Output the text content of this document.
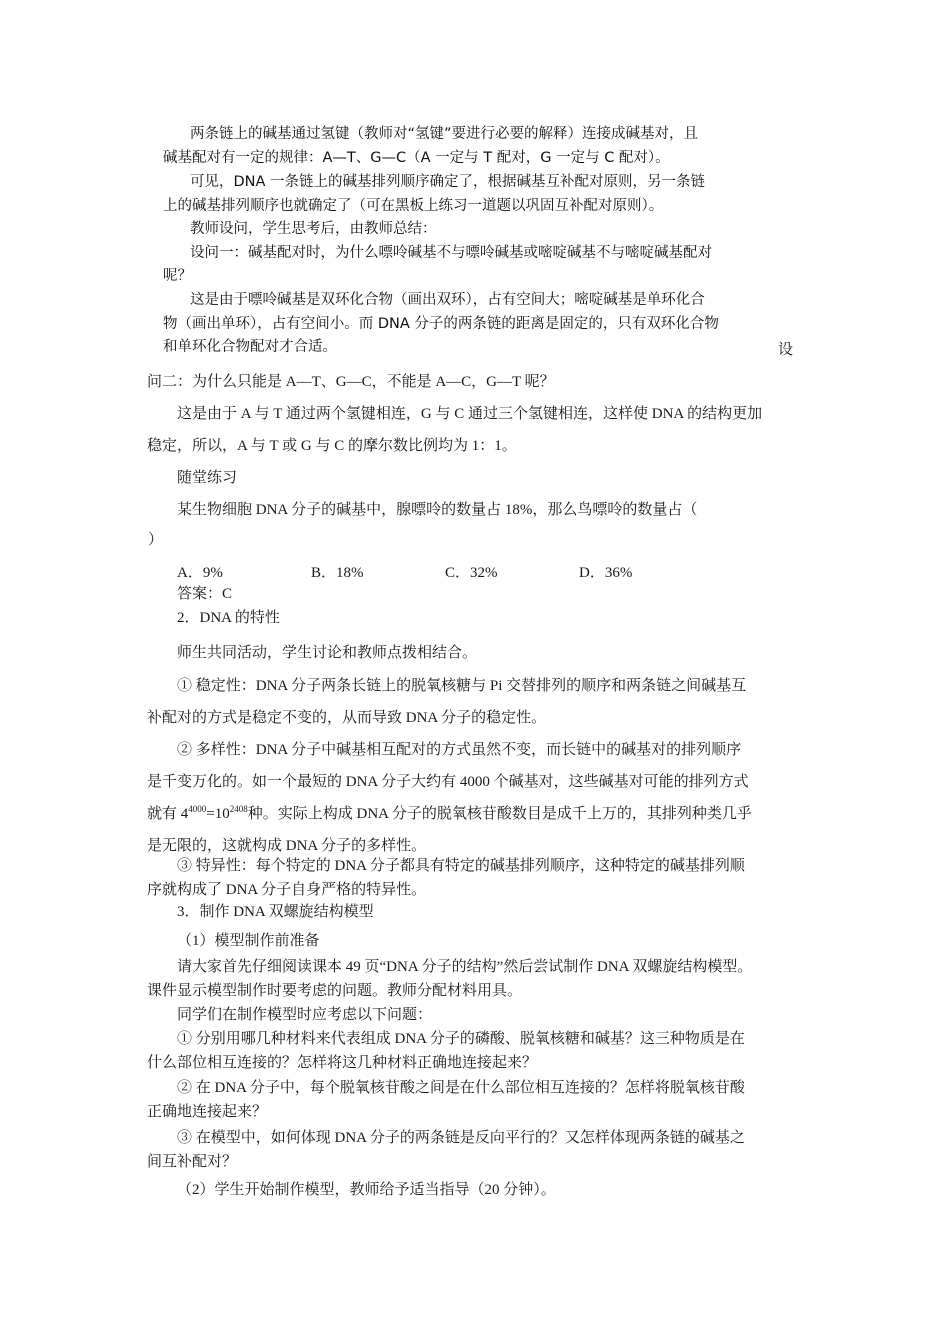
两条链上的碱基通过氢键（教师对“氢键”要进行必要的解释）连接成碱基对，且
碱基配对有一定的规律：A—T、G—C（A 一定与 T 配对，G 一定与 C 配对）。
可见，DNA 一条链上的碱基排列顺序确定了，根据碱基互补配对原则，另一条链
上的碱基排列顺序也就确定了（可在黑板上练习一道题以巩固互补配对原则）。
教师设问，学生思考后，由教师总结：
设问一：碱基配对时，为什么嘌呤碱基不与嘌呤碱基或嘧啶碱基不与嘧啶碱基配对
呢？
这是由于嘌呤碱基是双环化合物（画出双环），占有空间大；嘧啶碱基是单环化合
物（画出单环），占有空间小。而 DNA 分子的两条链的距离是固定的，只有双环化合物
和单环化合物配对才合适。	设
问二：为什么只能是 A—T、G—C，不能是 A—C，G—T 呢？
这是由于 A 与 T 通过两个氢键相连，G 与 C 通过三个氢键相连，这样使 DNA 的结构更加
稳定，所以，A 与 T 或 G 与 C 的摩尔数比例均为 1：1。
随堂练习
某生物细胞 DNA 分子的碱基中，腺嘌呤的数量占 18%，那么鸟嘌呤的数量占（
）
A．9%	B．18%	C．32%	D．36%
答案：C
2．DNA 的特性
师生共同活动，学生讨论和教师点拨相结合。
① 稳定性：DNA 分子两条长链上的脱氧核糖与 Pi 交替排列的顺序和两条链之间碱基互
补配对的方式是稳定不变的，从而导致 DNA 分子的稳定性。
② 多样性：DNA 分子中碱基相互配对的方式虽然不变，而长链中的碱基对的排列顺序
是千变万化的。如一个最短的 DNA 分子大约有 4000 个碱基对，这些碱基对可能的排列方式
就有 $4^{4000}=10^{2408}$种。实际上构成 DNA 分子的脱氧核苷酸数目是成千上万的，其排列种类几乎
是无限的，这就构成 DNA 分子的多样性。
③ 特异性：每个特定的 DNA 分子都具有特定的碱基排列顺序，这种特定的碱基排列顺
序就构成了 DNA 分子自身严格的特异性。
3．制作 DNA 双螺旋结构模型
（1）模型制作前准备
请大家首先仔细阅读课本 49 页“DNA 分子的结构”然后尝试制作 DNA 双螺旋结构模型。
课件显示模型制作时要考虑的问题。教师分配材料用具。
同学们在制作模型时应考虑以下问题：
① 分别用哪几种材料来代表组成 DNA 分子的磷酸、脱氧核糖和碱基？这三种物质是在
什么部位相互连接的？怎样将这几种材料正确地连接起来？
② 在 DNA 分子中，每个脱氧核苷酸之间是在什么部位相互连接的？怎样将脱氧核苷酸
正确地连接起来？
③ 在模型中，如何体现 DNA 分子的两条链是反向平行的？又怎样体现两条链的碱基之
间互补配对？
（2）学生开始制作模型，教师给予适当指导（20 分钟）。
